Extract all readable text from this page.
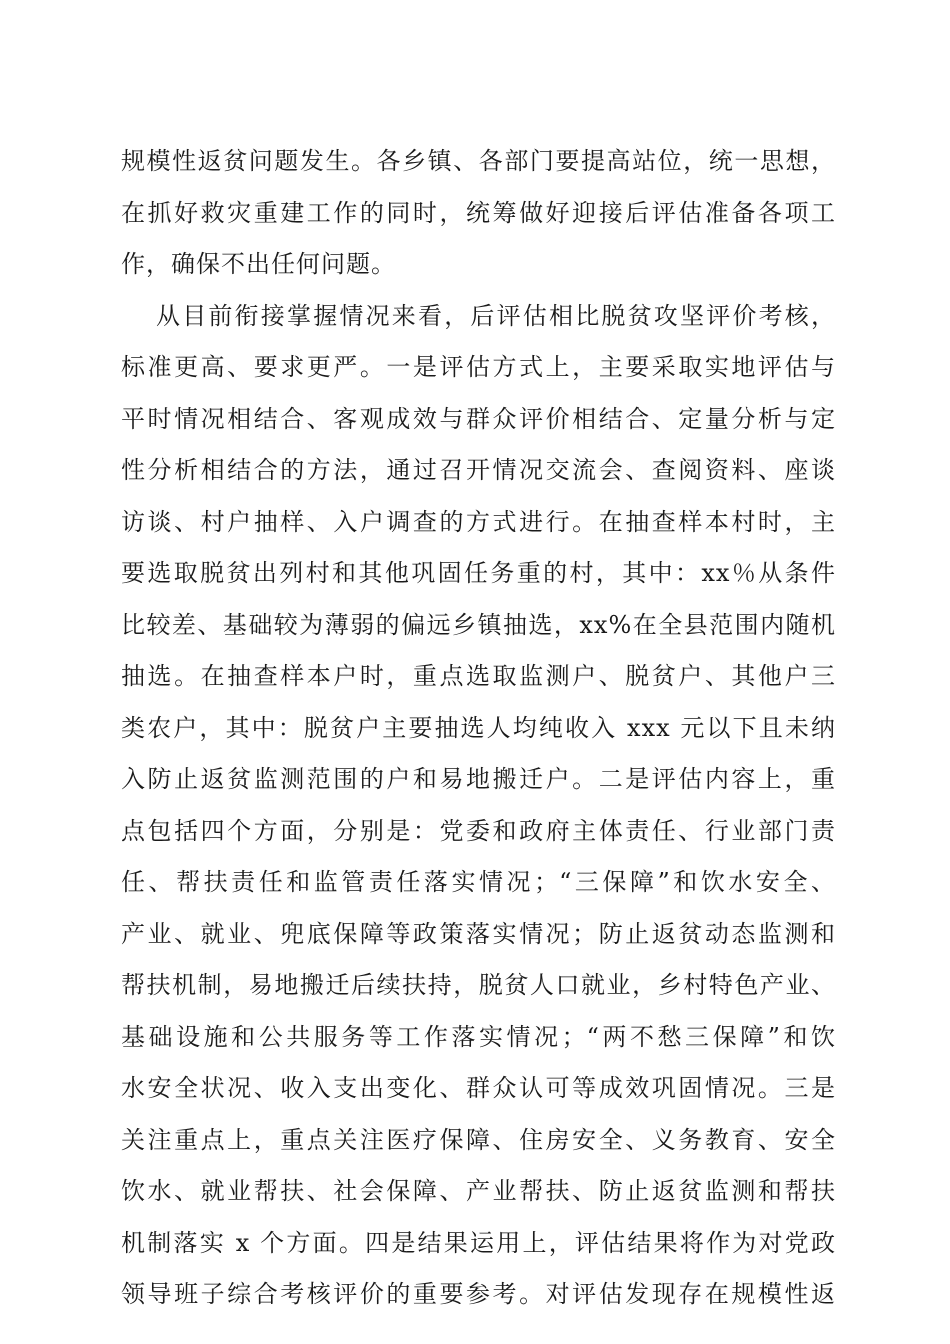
规模性返贫问题发生。各乡镇、各部门要提高站位，统一思想，
在抓好救灾重建工作的同时，统筹做好迎接后评估准备各项工
作，确保不出任何问题。
从目前衔接掌握情况来看，后评估相比脱贫攻坚评价考核，
标准更高、要求更严。一是评估方式上，主要采取实地评估与
平时情况相结合、客观成效与群众评价相结合、定量分析与定
性分析相结合的方法，通过召开情况交流会、查阅资料、座谈
访谈、村户抽样、入户调查的方式进行。在抽查样本村时，主
要选取脱贫出列村和其他巩固任务重的村，其中：xx％从条件
比较差、基础较为薄弱的偏远乡镇抽选，xx%在全县范围内随机
抽选。在抽查样本户时，重点选取监测户、脱贫户、其他户三
类农户，其中：脱贫户主要抽选人均纯收入 xxx 元以下且未纳
入防止返贫监测范围的户和易地搬迁户。二是评估内容上，重
点包括四个方面，分别是：党委和政府主体责任、行业部门责
任、帮扶责任和监管责任落实情况；“三保障”和饮水安全、
产业、就业、兜底保障等政策落实情况；防止返贫动态监测和
帮扶机制，易地搬迁后续扶持，脱贫人口就业，乡村特色产业、
基础设施和公共服务等工作落实情况；“两不愁三保障”和饮
水安全状况、收入支出变化、群众认可等成效巩固情况。三是
关注重点上，重点关注医疗保障、住房安全、义务教育、安全
饮水、就业帮扶、社会保障、产业帮扶、防止返贫监测和帮扶
机制落实 x 个方面。四是结果运用上，评估结果将作为对党政
领导班子综合考核评价的重要参考。对评估发现存在规模性返
